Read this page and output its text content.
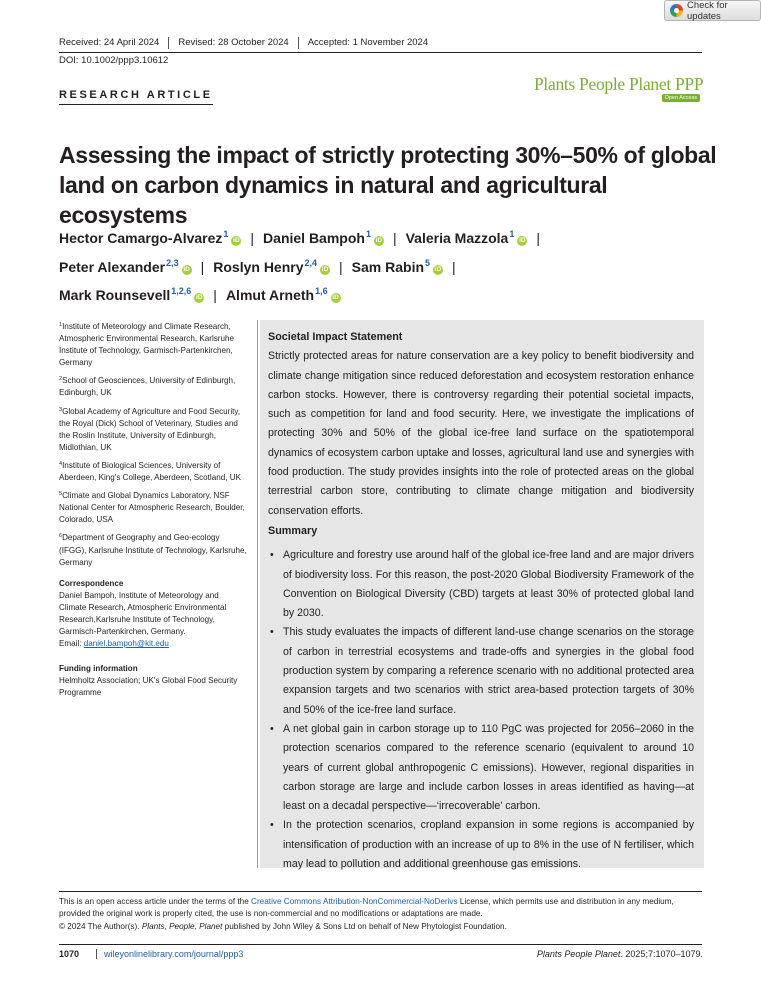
Check for updates
Received: 24 April 2024	Revised: 28 October 2024	Accepted: 1 November 2024
DOI: 10.1002/ppp3.10612
RESEARCH ARTICLE
Plants People Planet PPP
Open Access
Assessing the impact of strictly protecting 30%–50% of global land on carbon dynamics in natural and agricultural ecosystems
Hector Camargo-Alvarez$^1$iD | Daniel Bampoh$^1$iD | Valeria Mazzola$^1$iD |
Peter Alexander$^{2,3}$iD | Roslyn Henry$^{2,4}$iD | Sam Rabin$^5$iD |
Mark Rounsevell$^{1,2,6}$iD | Almut Arneth$^{1,6}$iD
$^1$Institute of Meteorology and Climate Research, Atmospheric Environmental Research, Karlsruhe Institute of Technology, Garmisch-Partenkirchen, Germany
$^2$School of Geosciences, University of Edinburgh, Edinburgh, UK
$^3$Global Academy of Agriculture and Food Security, the Royal (Dick) School of Veterinary, Studies and the Roslin Institute, University of Edinburgh, Midlothian, UK
$^4$Institute of Biological Sciences, University of Aberdeen, King's College, Aberdeen, Scotland, UK
$^5$Climate and Global Dynamics Laboratory, NSF National Center for Atmospheric Research, Boulder, Colorado, USA
$^6$Department of Geography and Geo-ecology (IFGG), Karlsruhe Institute of Technology, Karlsruhe, Germany
Correspondence
Daniel Bampoh, Institute of Meteorology and Climate Research, Atmospheric Environmental Research,Karlsruhe Institute of Technology, Garmisch-Partenkirchen, Germany.
Email: daniel.bampoh@kit.edu
Funding information
Helmholtz Association; UK's Global Food Security Programme
Societal Impact Statement

Strictly protected areas for nature conservation are a key policy to benefit biodiversity and climate change mitigation since reduced deforestation and ecosystem restoration enhance carbon stocks. However, there is controversy regarding their potential societal impacts, such as competition for land and food security. Here, we investigate the implications of protecting 30% and 50% of the global ice-free land surface on the spatiotemporal dynamics of ecosystem carbon uptake and losses, agricultural land use and synergies with food production. The study provides insights into the role of protected areas on the global terrestrial carbon store, contributing to climate change mitigation and biodiversity conservation efforts.

Summary
• Agriculture and forestry use around half of the global ice-free land and are major drivers of biodiversity loss. For this reason, the post-2020 Global Biodiversity Framework of the Convention on Biological Diversity (CBD) targets at least 30% of protected global land by 2030.
• This study evaluates the impacts of different land-use change scenarios on the storage of carbon in terrestrial ecosystems and trade-offs and synergies in the global food production system by comparing a reference scenario with no additional protected area expansion targets and two scenarios with strict area-based protection targets of 30% and 50% of the ice-free land surface.
• A net global gain in carbon storage up to 110 PgC was projected for 2056–2060 in the protection scenarios compared to the reference scenario (equivalent to around 10 years of current global anthropogenic C emissions). However, regional disparities in carbon storage are large and include carbon losses in areas identified as having—at least on a decadal perspective—‘irrecoverable’ carbon.
• In the protection scenarios, cropland expansion in some regions is accompanied by intensification of production with an increase of up to 8% in the use of N fertiliser, which may lead to pollution and additional greenhouse gas emissions.
This is an open access article under the terms of the Creative Commons Attribution-NonCommercial-NoDerivs License, which permits use and distribution in any medium, provided the original work is properly cited, the use is non-commercial and no modifications or adaptations are made.
© 2024 The Author(s). Plants, People, Planet published by John Wiley & Sons Ltd on behalf of New Phytologist Foundation.
1070	wileyonlinelibrary.com/journal/ppp3	Plants People Planet. 2025;7:1070–1079.
